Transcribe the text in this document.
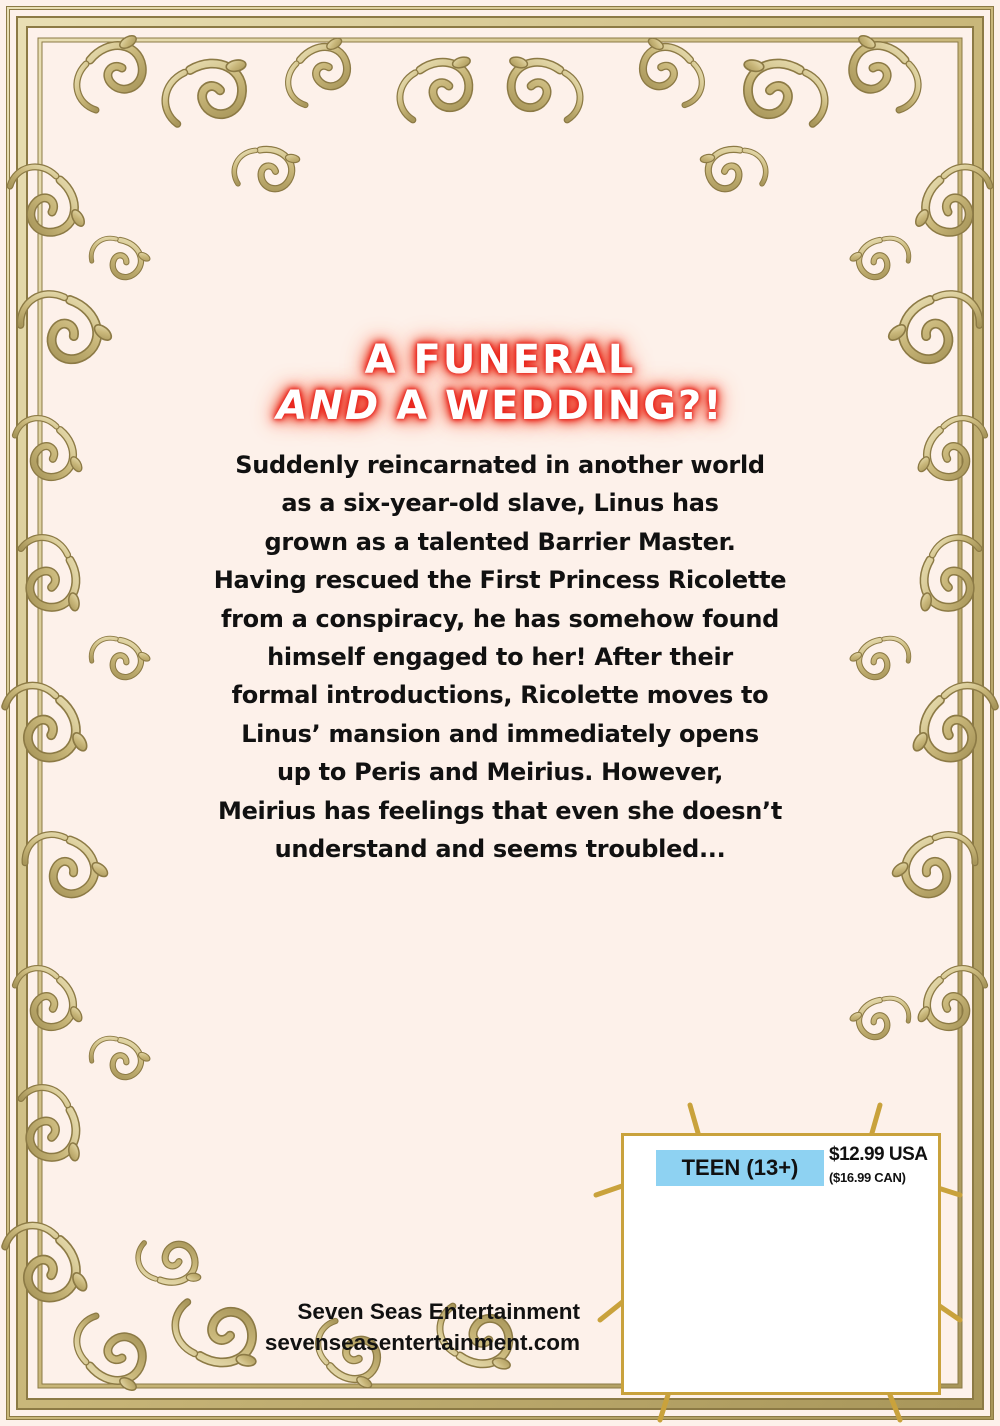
A FUNERAL
AND A WEDDING?!
Suddenly reincarnated in another world
as a six-year-old slave, Linus has
grown as a talented Barrier Master.
Having rescued the First Princess Ricolette
from a conspiracy, he has somehow found
himself engaged to her! After their
formal introductions, Ricolette moves to
Linus’ mansion and immediately opens
up to Peris and Meirius. However,
Meirius has feelings that even she doesn’t
understand and seems troubled...
Seven Seas Entertainment
sevenseasentertainment.com
TEEN (13+)
$12.99 USA
($16.99 CAN)
